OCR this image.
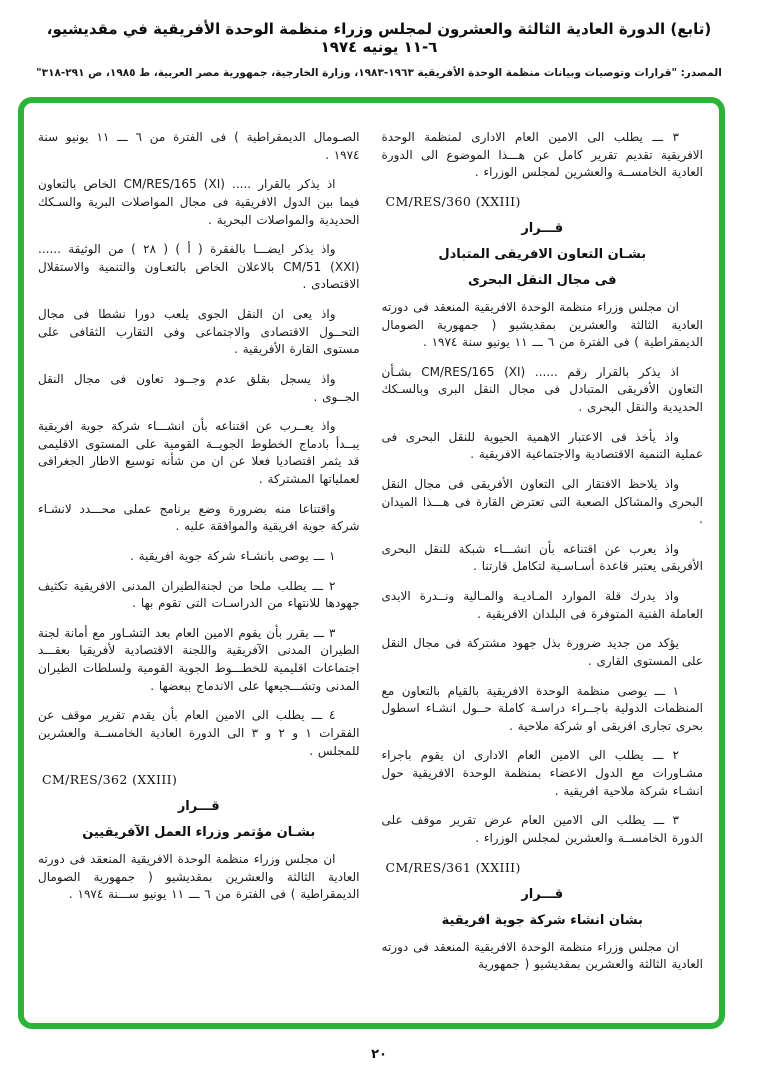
(تابع) الدورة العادية الثالثة والعشرون لمجلس وزراء منظمة الوحدة الأفريقية في مقديشيو، ٦-١١ يونيه ١٩٧٤
المصدر: "قرارات وتوصيات وبيانات منظمة الوحدة الأفريقية ١٩٦٣-١٩٨٣، وزارة الخارجية، جمهورية مصر العربية، ط ١٩٨٥، ص ٢٩١-٣١٨"

٣ ـــ يطلب الى الامين العام الادارى لمنظمة الوحدة الافريقية تقديم تقرير كامل عن هـــذا الموضوع الى الدورة العادية الخامســة والعشرين لمجلس الوزراء .

CM/RES/360 (XXIII)

قـــرار
بشـان التعاون الافريقى المتبادل
فى مجال النقل البحرى

ان مجلس وزراء منظمة الوحدة الافريقية المنعقد فى دورته العادية الثالثة والعشرين بمقديشيو ( جمهورية الصومال الديمقراطية ) فى الفترة من ٦ ـــ ١١ يونيو سنة ١٩٧٤ .

اذ يذكر بالقرار رقم ...... ‎CM/RES/165 (XI)‎ بشـأن التعاون الأفريقى المتبادل فى مجال النقل البرى وبالسـكك الحديدية والنقل البحرى .

واذ يأخذ فى الاعتبار الاهمية الحيوية للنقل البحرى فى عملية التنمية الاقتصادية والاجتماعية الافريقية .

واذ يلاحظ الافتقار الى التعاون الأفريقى فى مجال النقل البحرى والمشاكل الصعبة التى تعترض القارة فى هـــذا الميدان .

واذ يعرب عن اقتناعه بأن انشـــاء شبكة للنقل البحرى الأفريقى يعتبر قاعدة أسـاسـية لتكامل قارتنا .

واذ يدرك قلة الموارد المـاديـة والمـالية ونــدرة الايدى العاملة الفنية المتوفرة فى البلدان الافريقية .

يؤكد من جديد ضرورة بذل جهود مشتركة فى مجال النقل على المستوى القارى .

١ ـــ يوصى منظمة الوحدة الافريقية بالقيام بالتعاون مع المنظمات الدولية باجــراء دراسـة كاملة حــول انشـاء اسطول بحرى تجارى افريقى او شركة ملاحية .

٢ ـــ يطلب الى الامين العام الادارى ان يقوم باجراء مشـاورات مع الدول الاعضاء بمنظمة الوحدة الافريقية حول انشـاء شركة ملاحية افريقية .

٣ ـــ يطلب الى الامين العام عرض تقرير موقف على الدورة الخامســة والعشرين لمجلس الوزراء .

CM/RES/361 (XXIII)

قـــرار
بشان انشاء شركة جوية افريقية

ان مجلس وزراء منظمة الوحدة الافريقية المنعقد فى دورته العادية الثالثة والعشرين بمقديشيو ( جمهورية

الصـومال الديمقراطية ) فى الفترة من ٦ ـــ ١١ يونيو سنة ١٩٧٤ .

اذ يذكر بالقرار ..... ‎CM/RES/165 (XI)‎ الخاص بالتعاون فيما بين الدول الافريقية فى مجال المواصلات البرية والسـكك الحديدية والمواصلات البحرية .

واذ يذكر ايضـــا بالفقرة ( أ ) ( ٢٨ ) من الوثيقة ...... ‎CM/51 (XXI)‎ بالاعلان الخاص بالتعـاون والتنمية والاستقلال الاقتصادى .

واذ يعى ان النقل الجوى يلعب دورا نشطا فى مجال التحــول الاقتصادى والاجتماعى وفى التقارب الثقافى على مستوى القارة الأفريقية .

واذ يسجل بقلق عدم وجــود تعاون فى مجال النقل الجــوى .

واذ يعــرب عن اقتناعه بأن انشـــاء شركة جوية افريقية يبــدأ بادماج الخطوط الجويــة القومية على المستوى الاقليمى قد يثمر اقتصاديا فعلا عن ان من شأنه توسيع الاطار الجغرافى لعملياتها المشتركة .

واقتناعا منه بضرورة وضع برنامج عملى محـــدد لانشـاء شركة جوية افريقية والموافقة عليه .

١ ـــ يوصى بانشـاء شركة جوية افريقية .

٢ ـــ يطلب ملحا من لجنةالطيران المدنى الافريقية تكثيف جهودها للانتهاء من الدراسـات التى تقوم بها .

٣ ـــ يقرر بأن يقوم الامين العام بعد التشـاور مع أمانة لجنة الطيران المدنى الآفريقية واللجنة الاقتصادية لأفريقيا بعقـــد اجتماعات اقليمية للخطـــوط الجوية القومية ولسلطات الطيران المدنى وتشـــجيعها على الاندماج ببعضها .

٤ ـــ يطلب الى الامين العام بأن يقدم تقرير موقف عن الفقرات ١ و ٢ و ٣ الى الدورة العادية الخامســة والعشرين للمجلس .

CM/RES/362 (XXIII)

قـــرار
بشـان مؤتمر وزراء العمل الآفريقيين

ان مجلس وزراء منظمة الوحدة الافريقية المنعقد فى دورته العادية الثالثة والعشرين بمقديشيو ( جمهورية الصومال الديمقراطية ) فى الفترة من ٦ ـــ ١١ يونيو ســـنة ١٩٧٤ .

٢٠
